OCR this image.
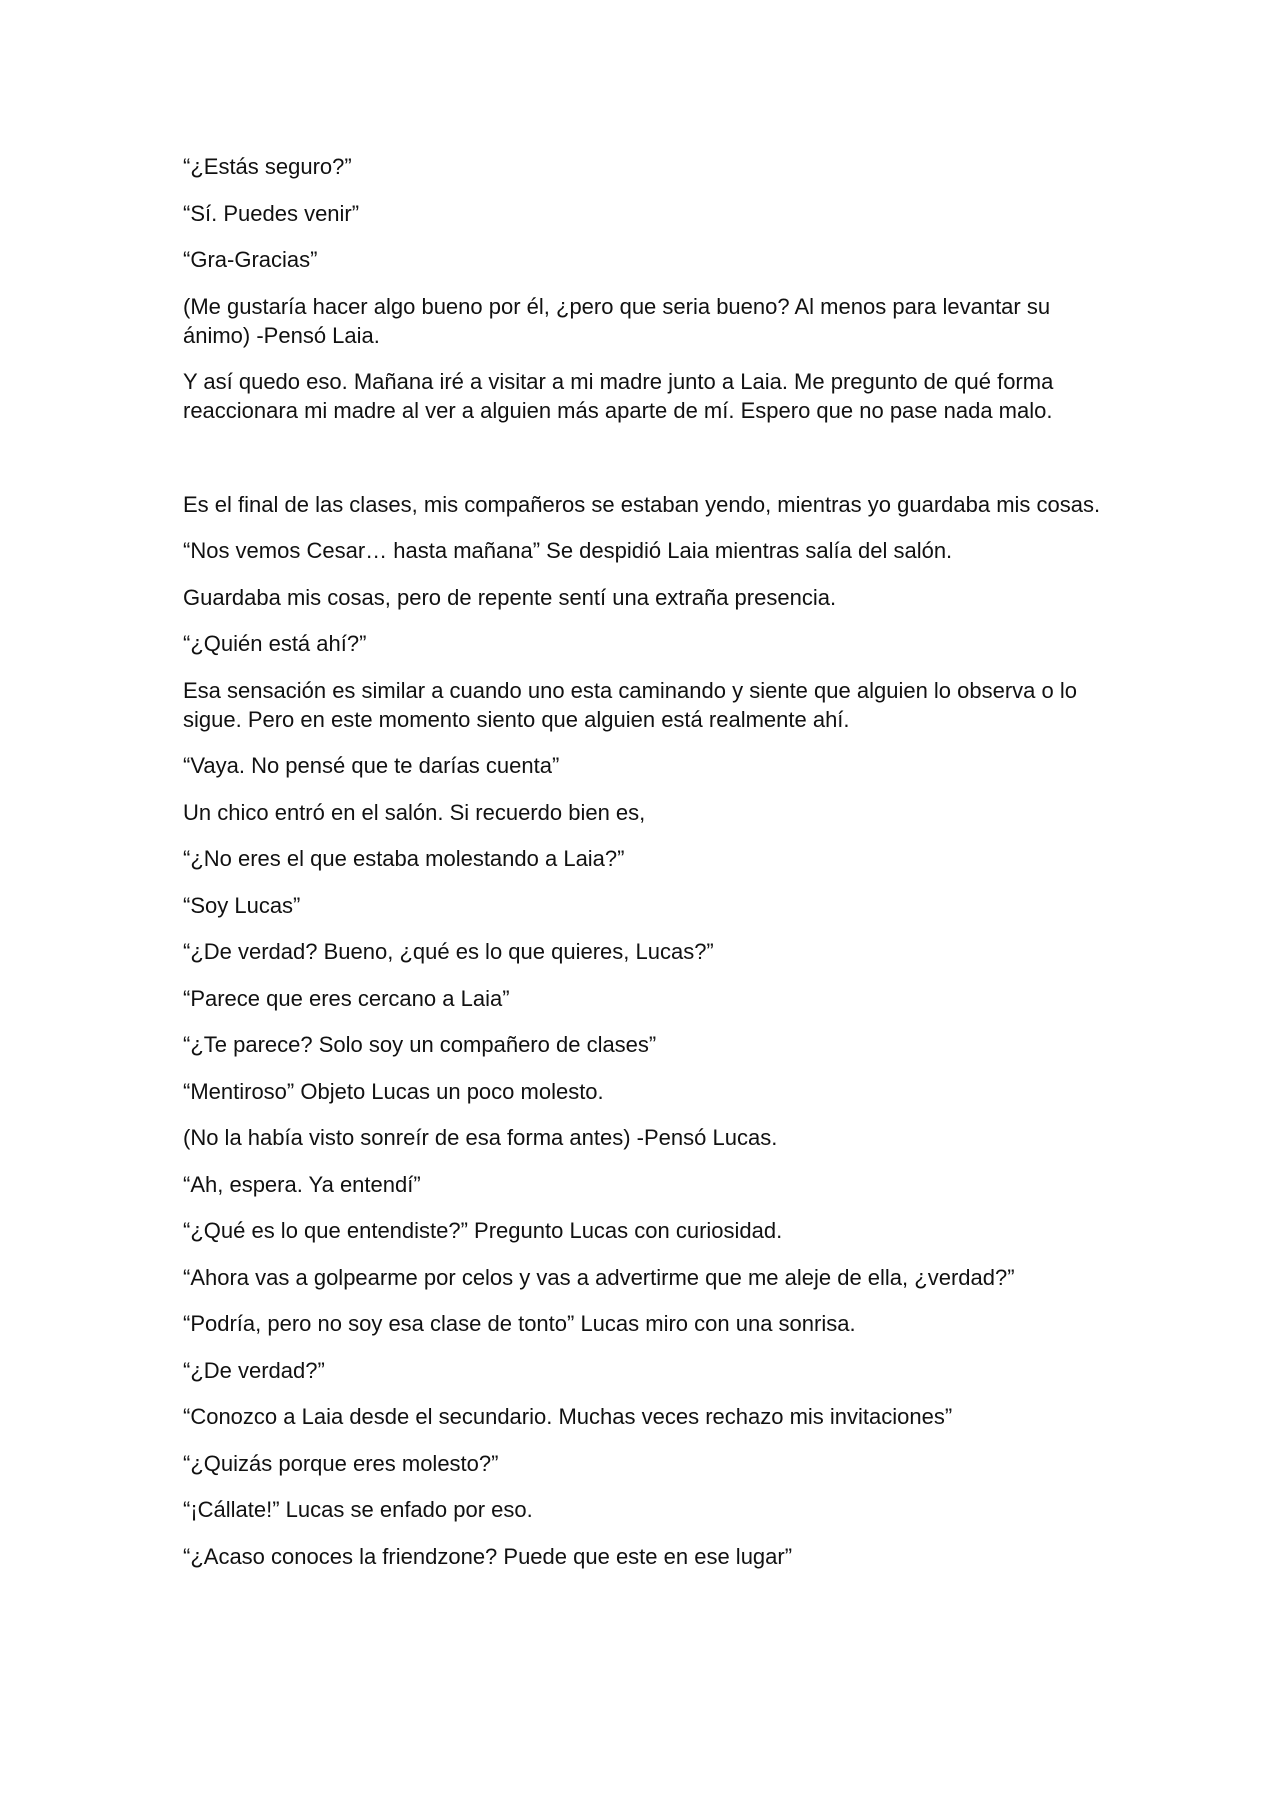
“¿Estás seguro?”

“Sí. Puedes venir”

“Gra-Gracias”

(Me gustaría hacer algo bueno por él, ¿pero que seria bueno? Al menos para levantar su ánimo) -Pensó Laia.

Y así quedo eso. Mañana iré a visitar a mi madre junto a Laia. Me pregunto de qué forma reaccionara mi madre al ver a alguien más aparte de mí. Espero que no pase nada malo.

Es el final de las clases, mis compañeros se estaban yendo, mientras yo guardaba mis cosas.

“Nos vemos Cesar… hasta mañana” Se despidió Laia mientras salía del salón.

Guardaba mis cosas, pero de repente sentí una extraña presencia.

“¿Quién está ahí?”

Esa sensación es similar a cuando uno esta caminando y siente que alguien lo observa o lo sigue. Pero en este momento siento que alguien está realmente ahí.

“Vaya. No pensé que te darías cuenta”

Un chico entró en el salón. Si recuerdo bien es,

“¿No eres el que estaba molestando a Laia?”

“Soy Lucas”

“¿De verdad? Bueno, ¿qué es lo que quieres, Lucas?”

“Parece que eres cercano a Laia”

“¿Te parece? Solo soy un compañero de clases”

“Mentiroso” Objeto Lucas un poco molesto.

(No la había visto sonreír de esa forma antes) -Pensó Lucas.

“Ah, espera. Ya entendí”

“¿Qué es lo que entendiste?” Pregunto Lucas con curiosidad.

“Ahora vas a golpearme por celos y vas a advertirme que me aleje de ella, ¿verdad?”

“Podría, pero no soy esa clase de tonto” Lucas miro con una sonrisa.

“¿De verdad?”

“Conozco a Laia desde el secundario. Muchas veces rechazo mis invitaciones”

“¿Quizás porque eres molesto?”

“¡Cállate!” Lucas se enfado por eso.

“¿Acaso conoces la friendzone? Puede que este en ese lugar”
